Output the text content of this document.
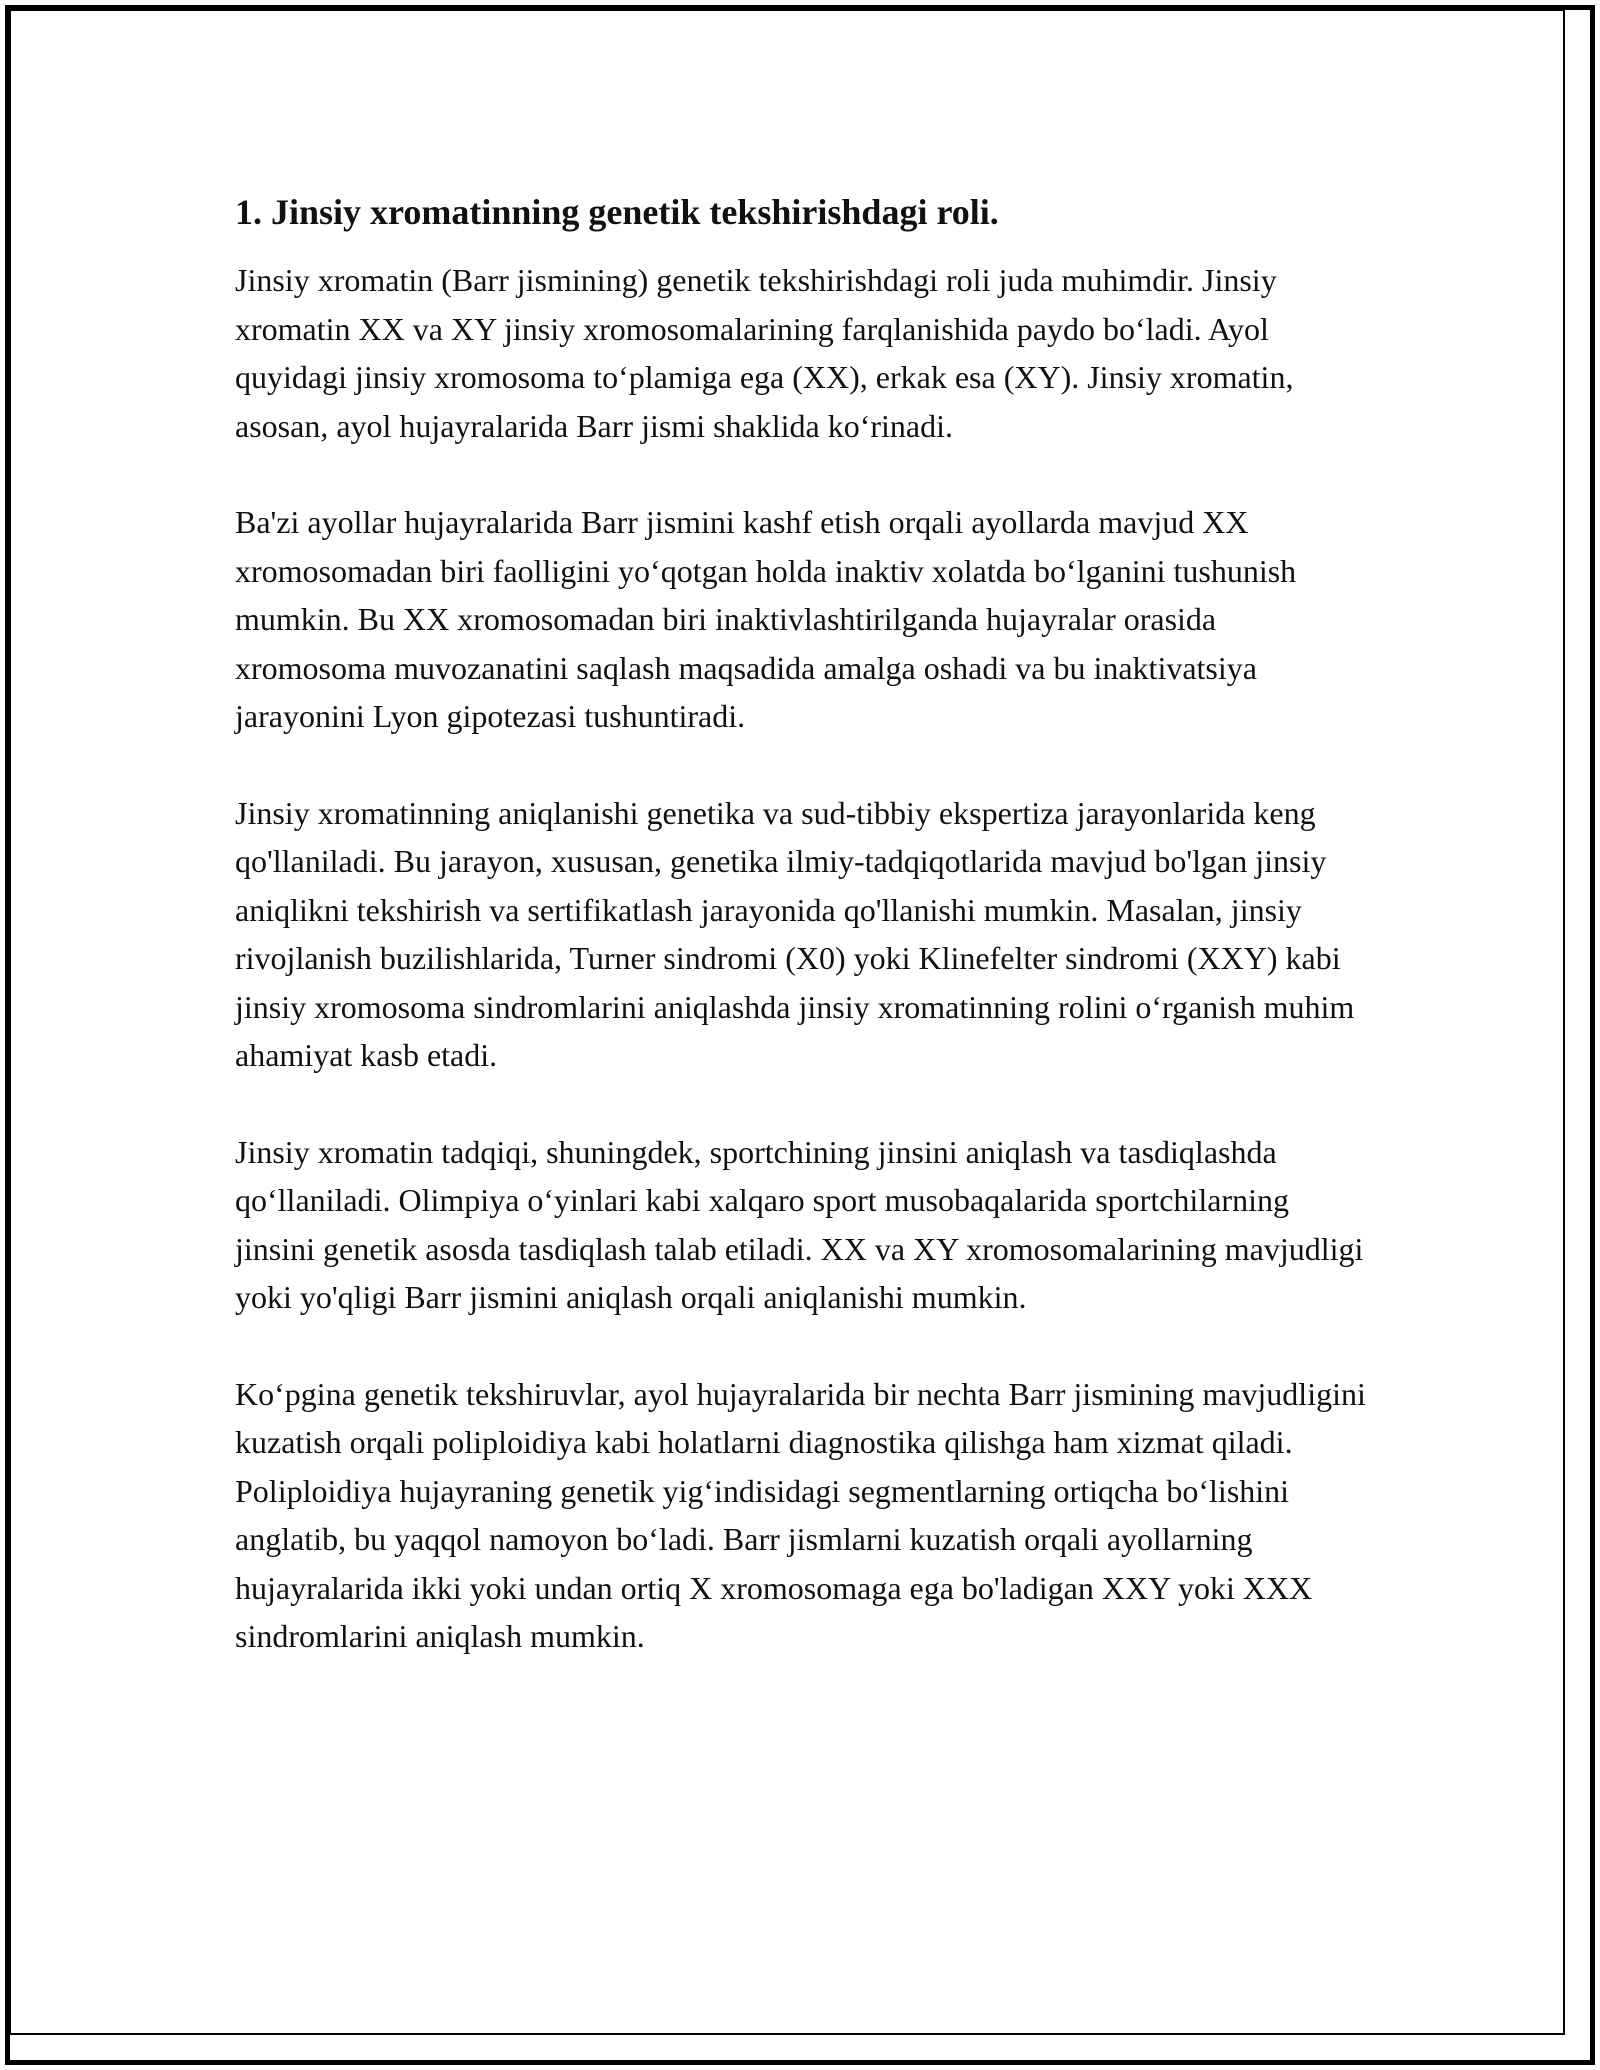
1. Jinsiy xromatinning genetik tekshirishdagi roli.

Jinsiy xromatin (Barr jismining) genetik tekshirishdagi roli juda muhimdir. Jinsiy xromatin XX va XY jinsiy xromosomalarining farqlanishida paydo bo‘ladi. Ayol quyidagi jinsiy xromosoma to‘plamiga ega (XX), erkak esa (XY). Jinsiy xromatin, asosan, ayol hujayralarida Barr jismi shaklida ko‘rinadi.

Ba'zi ayollar hujayralarida Barr jismini kashf etish orqali ayollarda mavjud XX xromosomadan biri faolligini yo‘qotgan holda inaktiv xolatda bo‘lganini tushunish mumkin. Bu XX xromosomadan biri inaktivlashtirilganda hujayralar orasida xromosoma muvozanatini saqlash maqsadida amalga oshadi va bu inaktivatsiya jarayonini Lyon gipotezasi tushuntiradi.

Jinsiy xromatinning aniqlanishi genetika va sud-tibbiy ekspertiza jarayonlarida keng qo'llaniladi. Bu jarayon, xususan, genetika ilmiy-tadqiqotlarida mavjud bo'lgan jinsiy aniqlikni tekshirish va sertifikatlash jarayonida qo'llanishi mumkin. Masalan, jinsiy rivojlanish buzilishlarida, Turner sindromi (X0) yoki Klinefelter sindromi (XXY) kabi jinsiy xromosoma sindromlarini aniqlashda jinsiy xromatinning rolini o‘rganish muhim ahamiyat kasb etadi.

Jinsiy xromatin tadqiqi, shuningdek, sportchining jinsini aniqlash va tasdiqlashda qo‘llaniladi. Olimpiya o‘yinlari kabi xalqaro sport musobaqalarida sportchilarning jinsini genetik asosda tasdiqlash talab etiladi. XX va XY xromosomalarining mavjudligi yoki yo'qligi Barr jismini aniqlash orqali aniqlanishi mumkin.

Ko‘pgina genetik tekshiruvlar, ayol hujayralarida bir nechta Barr jismining mavjudligini kuzatish orqali poliploidiya kabi holatlarni diagnostika qilishga ham xizmat qiladi. Poliploidiya hujayraning genetik yig‘indisidagi segmentlarning ortiqcha bo‘lishini anglatib, bu yaqqol namoyon bo‘ladi. Barr jismlarni kuzatish orqali ayollarning hujayralarida ikki yoki undan ortiq X xromosomaga ega bo'ladigan XXY yoki XXX sindromlarini aniqlash mumkin.
